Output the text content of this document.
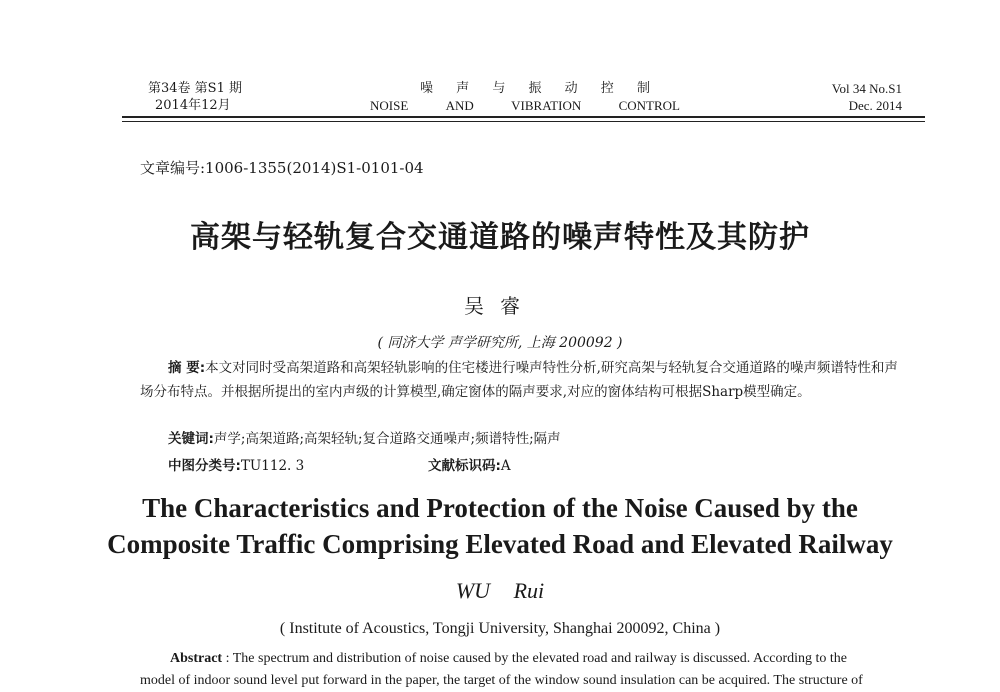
第34卷 第S1 期
2014年12月
噪 声 与 振 动 控 制
NOISE	AND	VIBRATION	CONTROL
Vol 34 No.S1
Dec. 2014
文章编号:1006-1355(2014)S1-0101-04
高架与轻轨复合交通道路的噪声特性及其防护
吴睿
( 同济大学 声学研究所, 上海 200092 )
摘 要:本文对同时受高架道路和高架轻轨影响的住宅楼进行噪声特性分析,研究高架与轻轨复合交通道路的噪声频谱特性和声场分布特点。并根据所提出的室内声级的计算模型,确定窗体的隔声要求,对应的窗体结构可根据Sharp模型确定。
关键词:声学;高架道路;高架轻轨;复合道路交通噪声;频谱特性;隔声
中图分类号:TU112. 3	文献标识码:A
The Characteristics and Protection of the Noise Caused by the
Composite Traffic Comprising Elevated Road and Elevated Railway
WU Rui
( Institute of Acoustics, Tongji University, Shanghai 200092, China )
Abstract : The spectrum and distribution of noise caused by the elevated road and railway is discussed. According to the
model of indoor sound level put forward in the paper, the target of the window sound insulation can be acquired. The structure of
